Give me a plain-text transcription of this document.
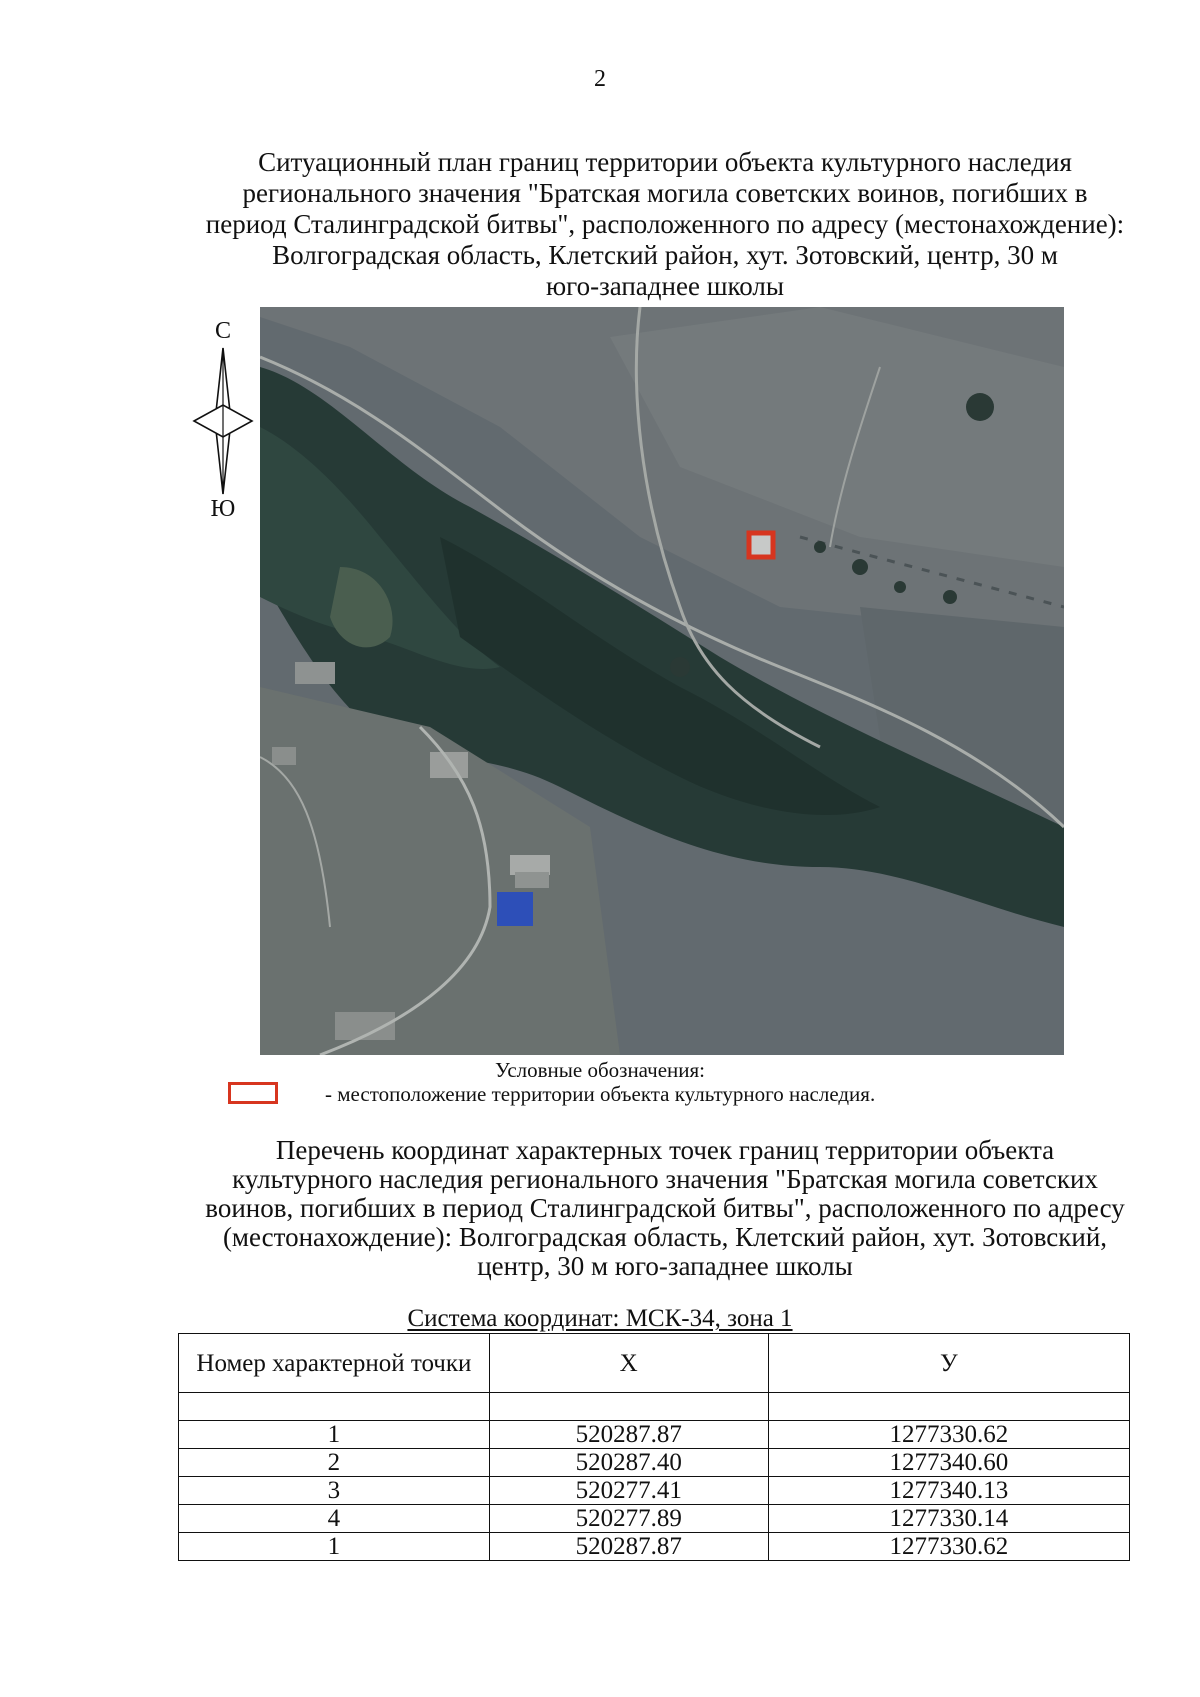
2
Ситуационный план границ территории объекта культурного наследия
регионального значения "Братская могила советских воинов, погибших в
период Сталинградской битвы", расположенного по адресу (местонахождение):
Волгоградская область, Клетский район, хут. Зотовский, центр, 30 м
юго-западнее школы
С
Ю
Условные обозначения:
- местоположение территории объекта культурного наследия.
Перечень координат характерных точек границ территории объекта
культурного наследия регионального значения "Братская могила советских
воинов, погибших в период Сталинградской битвы", расположенного по адресу
(местонахождение): Волгоградская область, Клетский район, хут. Зотовский,
центр, 30 м юго-западнее школы
Система координат: МСК-34, зона 1
Номер характерной точки	X	У

1	520287.87	1277330.62
2	520287.40	1277340.60
3	520277.41	1277340.13
4	520277.89	1277330.14
1	520287.87	1277330.62
